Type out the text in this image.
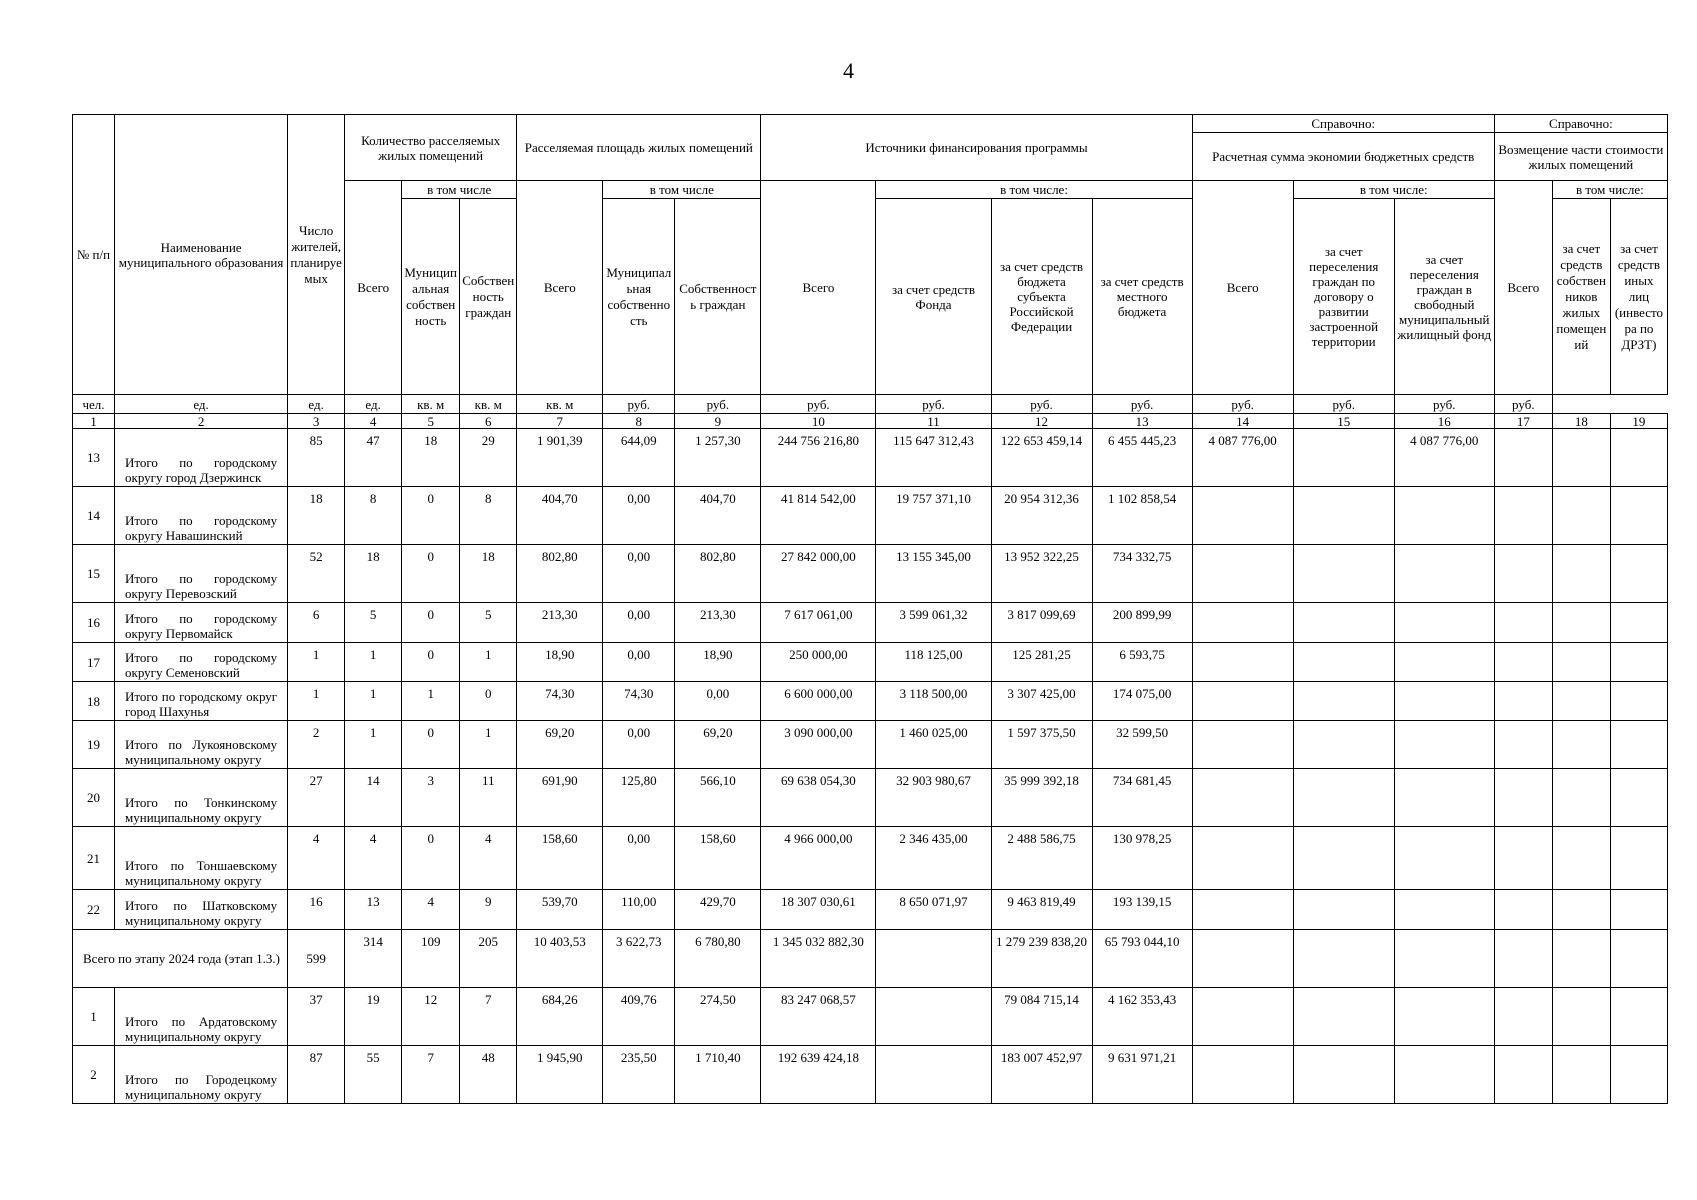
4
№ п/п	Наименование муниципального образования	Число жителей, планируемых	Количество расселяемых жилых помещений			Расселяемая площадь жилых помещений			Источники финансирования программы				Справочно:			Справочно:		
													Расчетная сумма экономии бюджетных средств			Возмещение части стоимости жилых помещений		
			Всего	в том числе		Всего	в том числе		Всего	в том числе:			Всего	в том числе:		Всего	в том числе:	
				Муниципальная собственность	Собственность граждан		Муниципальная собственность	Собственность граждан		за счет средств Фонда	за счет средств бюджета субъекта Российской Федерации	за счет средств местного бюджета		за счет переселения граждан по договору о развитии застроенной территории	за счет переселения граждан в свободный муниципальный жилищный фонд		за счет средств собственников жилых помещений	за счет средств иных лиц (инвестора по ДРЗТ)
чел.	ед.	ед.	ед.	кв. м	кв. м	кв. м	руб.	руб.	руб.	руб.	руб.	руб.	руб.	руб.	руб.	руб.		
1	2	3	4	5	6	7	8	9	10	11	12	13	14	15	16	17	18	19
13	Итого по городскому округу город Дзержинск	85	47	18	29	1 901,39	644,09	1 257,30	244 756 216,80	115 647 312,43	122 653 459,14	6 455 445,23	4 087 776,00		4 087 776,00			
14	Итого по городскому округу Навашинский	18	8	0	8	404,70	0,00	404,70	41 814 542,00	19 757 371,10	20 954 312,36	1 102 858,54						
15	Итого по городскому округу Перевозский	52	18	0	18	802,80	0,00	802,80	27 842 000,00	13 155 345,00	13 952 322,25	734 332,75						
16	Итого по городскому округу Первомайск	6	5	0	5	213,30	0,00	213,30	7 617 061,00	3 599 061,32	3 817 099,69	200 899,99						
17	Итого по городскому округу Семеновский	1	1	0	1	18,90	0,00	18,90	250 000,00	118 125,00	125 281,25	6 593,75						
18	Итого по городскому округ город Шахунья	1	1	1	0	74,30	74,30	0,00	6 600 000,00	3 118 500,00	3 307 425,00	174 075,00						
19	Итого по Лукояновскому муниципальному округу	2	1	0	1	69,20	0,00	69,20	3 090 000,00	1 460 025,00	1 597 375,50	32 599,50						
20	Итого по Тонкинскому муниципальному округу	27	14	3	11	691,90	125,80	566,10	69 638 054,30	32 903 980,67	35 999 392,18	734 681,45						
21	Итого по Тоншаевскому муниципальному округу	4	4	0	4	158,60	0,00	158,60	4 966 000,00	2 346 435,00	2 488 586,75	130 978,25						
22	Итого по Шатковскому муниципальному округу	16	13	4	9	539,70	110,00	429,70	18 307 030,61	8 650 071,97	9 463 819,49	193 139,15						
Всего по этапу 2024 года (этап 1.3.)		599	314	109	205	10 403,53	3 622,73	6 780,80	1 345 032 882,30		1 279 239 838,20	65 793 044,10						
1	Итого по Ардатовскому муниципальному округу	37	19	12	7	684,26	409,76	274,50	83 247 068,57		79 084 715,14	4 162 353,43						
2	Итого по Городецкому муниципальному округу	87	55	7	48	1 945,90	235,50	1 710,40	192 639 424,18		183 007 452,97	9 631 971,21						
